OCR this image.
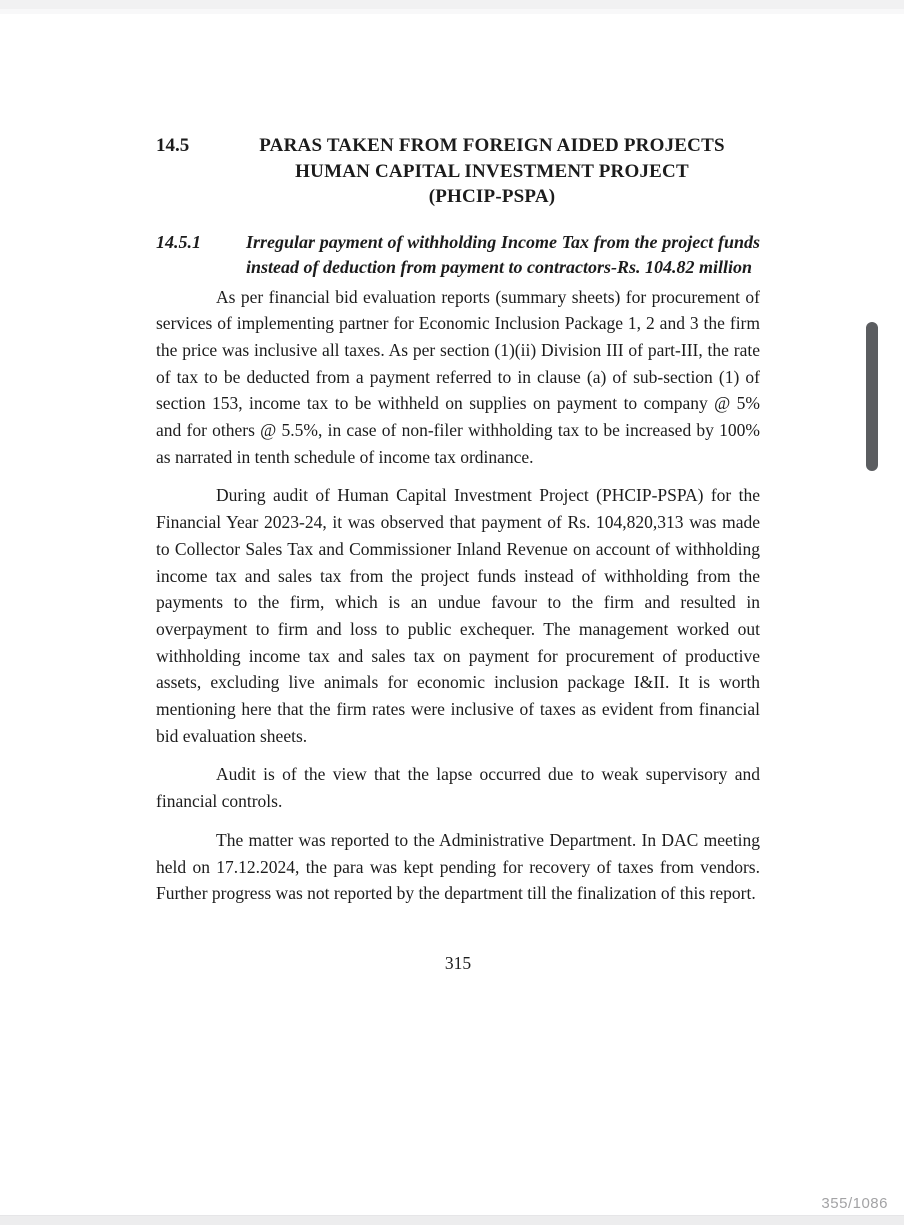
14.5	PARAS TAKEN FROM FOREIGN AIDED PROJECTS
HUMAN CAPITAL INVESTMENT PROJECT
(PHCIP-PSPA)
14.5.1	Irregular payment of withholding Income Tax from the project funds instead of deduction from payment to contractors-Rs. 104.82 million

As per financial bid evaluation reports (summary sheets) for procurement of services of implementing partner for Economic Inclusion Package 1, 2 and 3 the firm the price was inclusive all taxes. As per section (1)(ii) Division III of part-III, the rate of tax to be deducted from a payment referred to in clause (a) of sub-section (1) of section 153, income tax to be withheld on supplies on payment to company @ 5% and for others @ 5.5%, in case of non-filer withholding tax to be increased by 100% as narrated in tenth schedule of income tax ordinance.

During audit of Human Capital Investment Project (PHCIP-PSPA) for the Financial Year 2023-24, it was observed that payment of Rs. 104,820,313 was made to Collector Sales Tax and Commissioner Inland Revenue on account of withholding income tax and sales tax from the project funds instead of withholding from the payments to the firm, which is an undue favour to the firm and resulted in overpayment to firm and loss to public exchequer. The management worked out withholding income tax and sales tax on payment for procurement of productive assets, excluding live animals for economic inclusion package I&II. It is worth mentioning here that the firm rates were inclusive of taxes as evident from financial bid evaluation sheets.

Audit is of the view that the lapse occurred due to weak supervisory and financial controls.

The matter was reported to the Administrative Department. In DAC meeting held on 17.12.2024, the para was kept pending for recovery of taxes from vendors. Further progress was not reported by the department till the finalization of this report.

315
355/1086
